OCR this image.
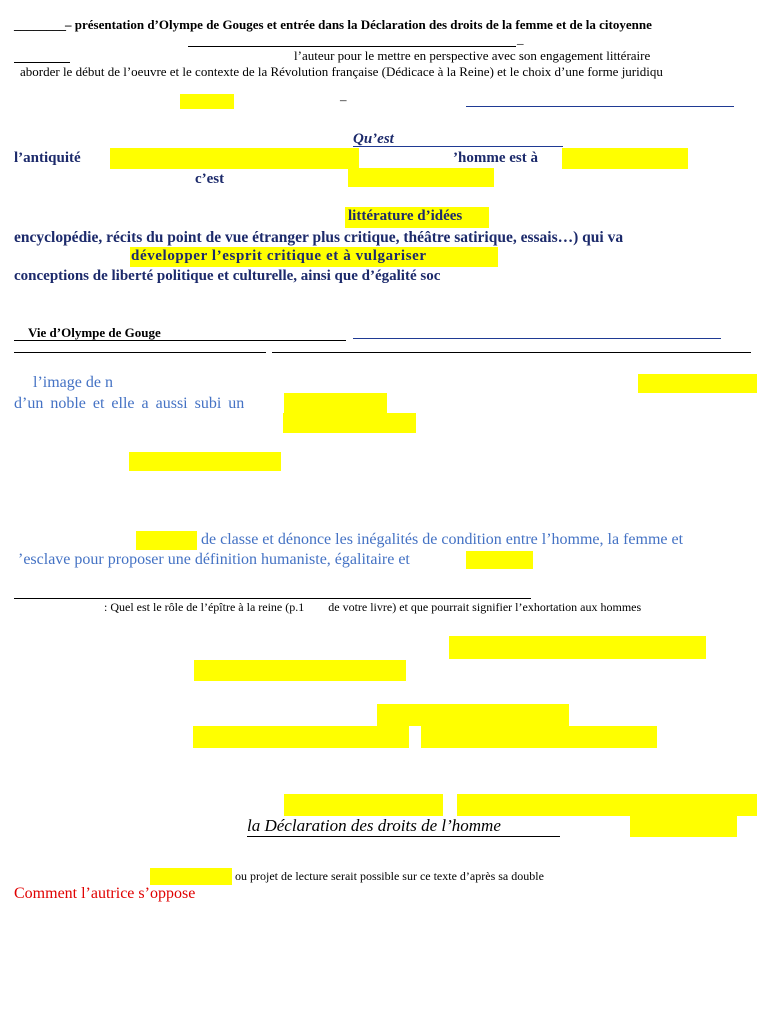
________ – présentation d’Olympe de Gouges et entrée dans la Déclaration des droits de la femme et de la citoyenne
_
l’auteur pour le mettre en perspective avec son engagement littéraire
aborder le début de l’oeuvre et le contexte de la Révolution française (Dédicace à la Reine) et le choix d’une forme juridiqu
–
Qu’est
l’antiquité	’homme est à
c’est
littérature d’idées
encyclopédie, récits du point de vue étranger plus critique, théâtre satirique, essais…) qui va
développer l’esprit critique et à vulgariser
conceptions de liberté politique et culturelle, ainsi que d’égalité soc
Vie d’Olympe de Gouge
l’image de n
d’un noble et elle a aussi subi un
de classe et dénonce les inégalités de condition entre l’homme, la femme et
’esclave pour proposer une définition humaniste, égalitaire et
: Quel est le rôle de l’épître à la reine (p.1        de votre livre) et que pourrait signifier l’exhortation aux hommes
la Déclaration des droits de l’homme
ou projet de lecture serait possible sur ce texte d’après sa double
Comment l’autrice s’oppose
